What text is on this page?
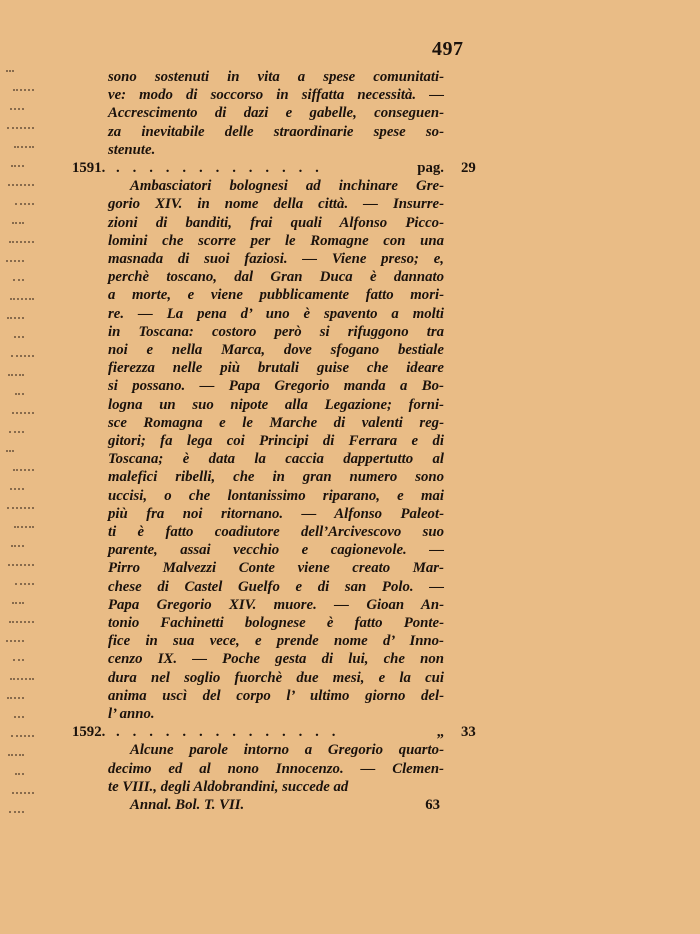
497
sono sostenuti in vita a spese comunitati-
ve: modo di soccorso in siffatta necessità. —
Accrescimento di dazi e gabelle, conseguen-
za inevitabile delle straordinarie spese so-
stenute.
1591. . . . . . . . . . . . . .	pag. 29
Ambasciatori bolognesi ad inchinare Gre-
gorio XIV. in nome della città. — Insurre-
zioni di banditi, frai quali Alfonso Picco-
lomini che scorre per le Romagne con una
masnada di suoi faziosi. — Viene preso; e,
perchè toscano, dal Gran Duca è dannato
a morte, e viene pubblicamente fatto mori-
re. — La pena d’ uno è spavento a molti
in Toscana: costoro però si rifuggono tra
noi e nella Marca, dove sfogano bestiale
fierezza nelle più brutali guise che ideare
si possano. — Papa Gregorio manda a Bo-
logna un suo nipote alla Legazione; forni-
sce Romagna e le Marche di valenti reg-
gitori; fa lega coi Principi di Ferrara e di
Toscana; è data la caccia dappertutto al
malefici ribelli, che in gran numero sono
uccisi, o che lontanissimo riparano, e mai
più fra noi ritornano. — Alfonso Paleot-
ti è fatto coadiutore dell’Arcivescovo suo
parente, assai vecchio e cagionevole. —
Pirro Malvezzi Conte viene creato Mar-
chese di Castel Guelfo e di san Polo. —
Papa Gregorio XIV. muore. — Gioan An-
tonio Fachinetti bolognese è fatto Ponte-
fice in sua vece, e prende nome d’ Inno-
cenzo IX. — Poche gesta di lui, che non
dura nel soglio fuorchè due mesi, e la cui
anima uscì del corpo l’ ultimo giorno del-
l’ anno.
1592. . . . . . . . . . . . . . .	„ 33
Alcune parole intorno a Gregorio quarto-
decimo ed al nono Innocenzo. — Clemen-
te VIII., degli Aldobrandini, succede ad
Annal. Bol. T. VII.	63
